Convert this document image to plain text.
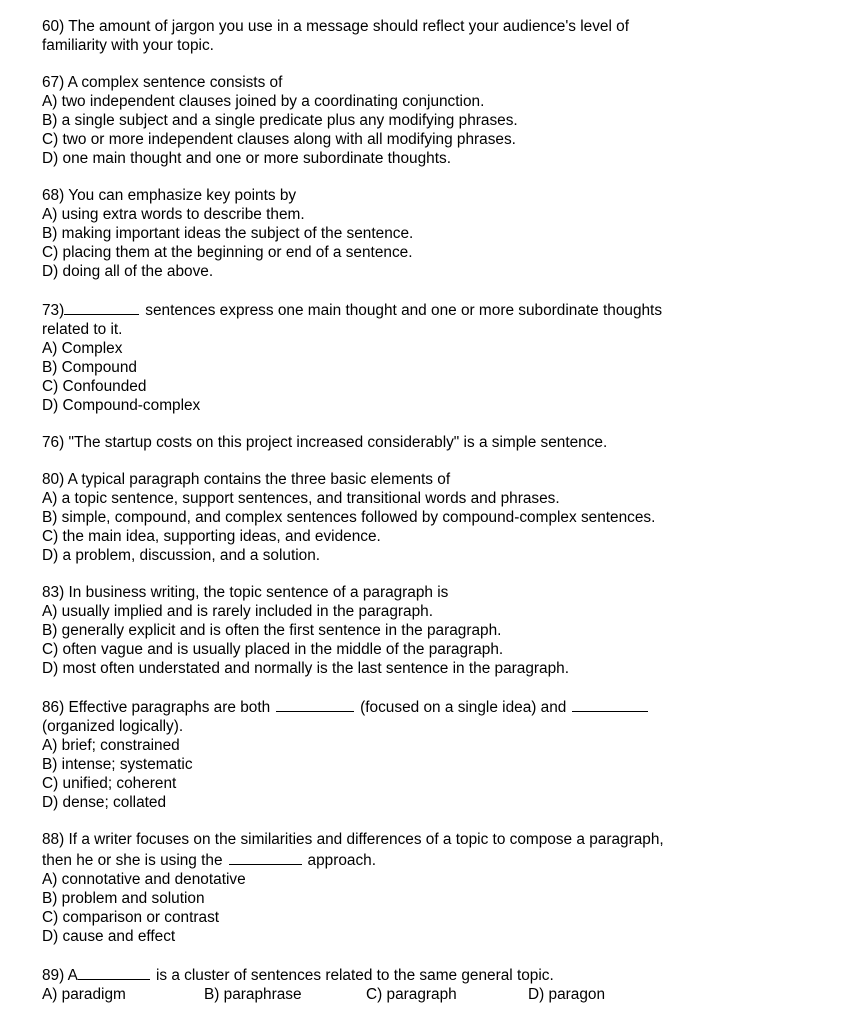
60) The amount of jargon you use in a message should reflect your audience's level of
familiarity with your topic.
67) A complex sentence consists of
A) two independent clauses joined by a coordinating conjunction.
B) a single subject and a single predicate plus any modifying phrases.
C) two or more independent clauses along with all modifying phrases.
D) one main thought and one or more subordinate thoughts.
68) You can emphasize key points by
A) using extra words to describe them.
B) making important ideas the subject of the sentence.
C) placing them at the beginning or end of a sentence.
D) doing all of the above.
73)	sentences express one main thought and one or more subordinate thoughts
related to it.
A) Complex
B) Compound
C) Confounded
D) Compound-complex
76) "The startup costs on this project increased considerably" is a simple sentence.
80) A typical paragraph contains the three basic elements of
A) a topic sentence, support sentences, and transitional words and phrases.
B) simple, compound, and complex sentences followed by compound-complex sentences.
C) the main idea, supporting ideas, and evidence.
D) a problem, discussion, and a solution.
83) In business writing, the topic sentence of a paragraph is
A) usually implied and is rarely included in the paragraph.
B) generally explicit and is often the first sentence in the paragraph.
C) often vague and is usually placed in the middle of the paragraph.
D) most often understated and normally is the last sentence in the paragraph.
86) Effective paragraphs are both	(focused on a single idea) and
(organized logically).
A) brief; constrained
B) intense; systematic
C) unified; coherent
D) dense; collated
88) If a writer focuses on the similarities and differences of a topic to compose a paragraph,
then he or she is using the	approach.
A) connotative and denotative
B) problem and solution
C) comparison or contrast
D) cause and effect
89) A	is a cluster of sentences related to the same general topic.
A) paradigm	B) paraphrase	C) paragraph	D) paragon
